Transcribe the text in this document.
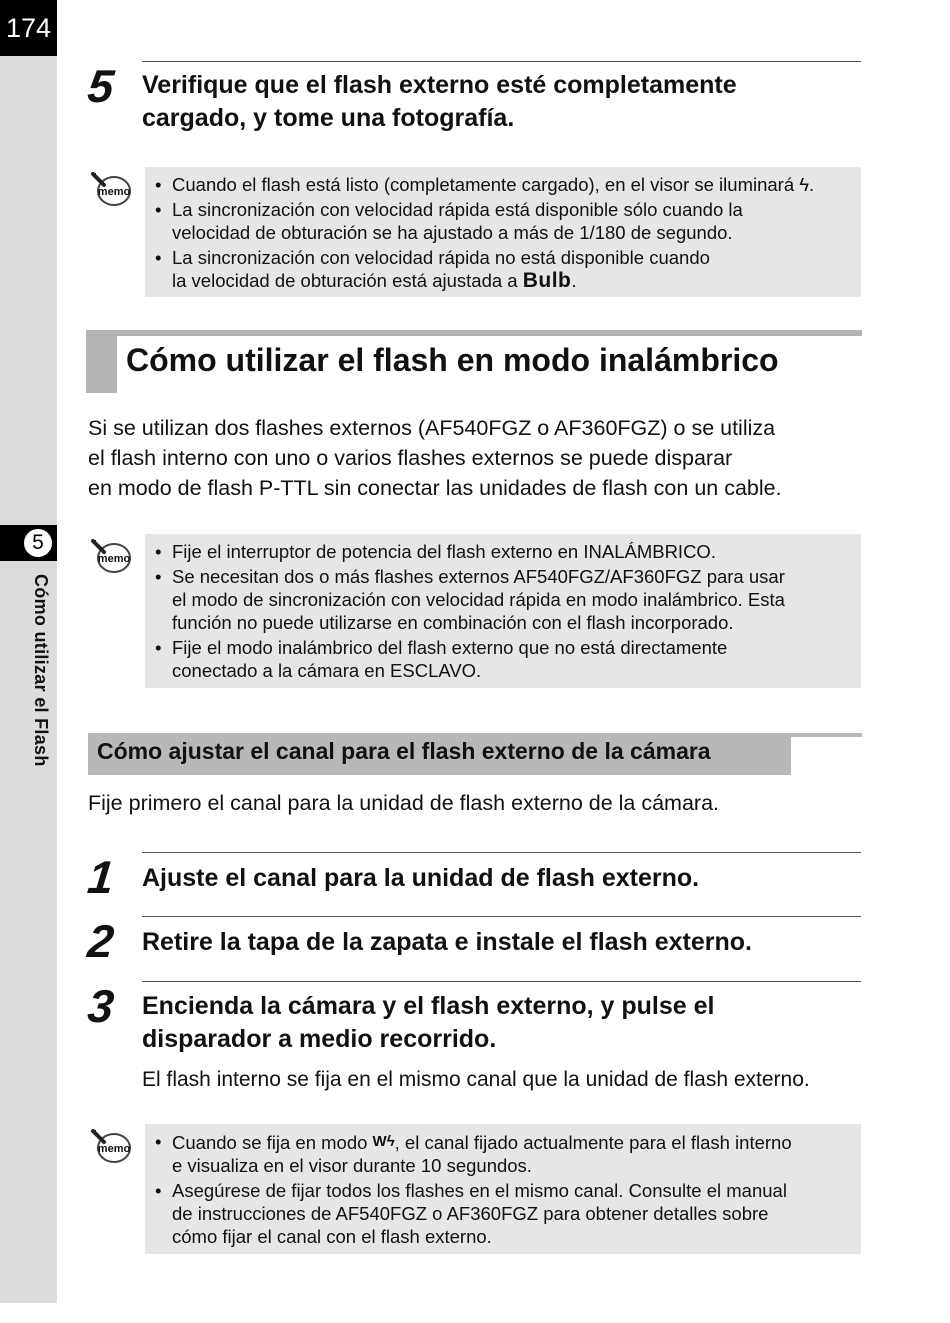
174
5
Cómo utilizar el Flash
5 Verifique que el flash externo esté completamente
cargado, y tome una fotografía.
memo • Cuando el flash está listo (completamente cargado), en el visor se iluminará ϟ.
• La sincronización con velocidad rápida está disponible sólo cuando la
velocidad de obturación se ha ajustado a más de 1/180 de segundo.
• La sincronización con velocidad rápida no está disponible cuando
la velocidad de obturación está ajustada a Bulb.
Cómo utilizar el flash en modo inalámbrico
Si se utilizan dos flashes externos (AF540FGZ o AF360FGZ) o se utiliza
el flash interno con uno o varios flashes externos se puede disparar
en modo de flash P-TTL sin conectar las unidades de flash con un cable.
memo • Fije el interruptor de potencia del flash externo en INALÁMBRICO.
• Se necesitan dos o más flashes externos AF540FGZ/AF360FGZ para usar
el modo de sincronización con velocidad rápida en modo inalámbrico. Esta
función no puede utilizarse en combinación con el flash incorporado.
• Fije el modo inalámbrico del flash externo que no está directamente
conectado a la cámara en ESCLAVO.
Cómo ajustar el canal para el flash externo de la cámara
Fije primero el canal para la unidad de flash externo de la cámara.
1 Ajuste el canal para la unidad de flash externo.
2 Retire la tapa de la zapata e instale el flash externo.
3 Encienda la cámara y el flash externo, y pulse el
disparador a medio recorrido.
El flash interno se fija en el mismo canal que la unidad de flash externo.
memo • Cuando se fija en modo Wϟ, el canal fijado actualmente para el flash interno
e visualiza en el visor durante 10 segundos.
• Asegúrese de fijar todos los flashes en el mismo canal. Consulte el manual
de instrucciones de AF540FGZ o AF360FGZ para obtener detalles sobre
cómo fijar el canal con el flash externo.
